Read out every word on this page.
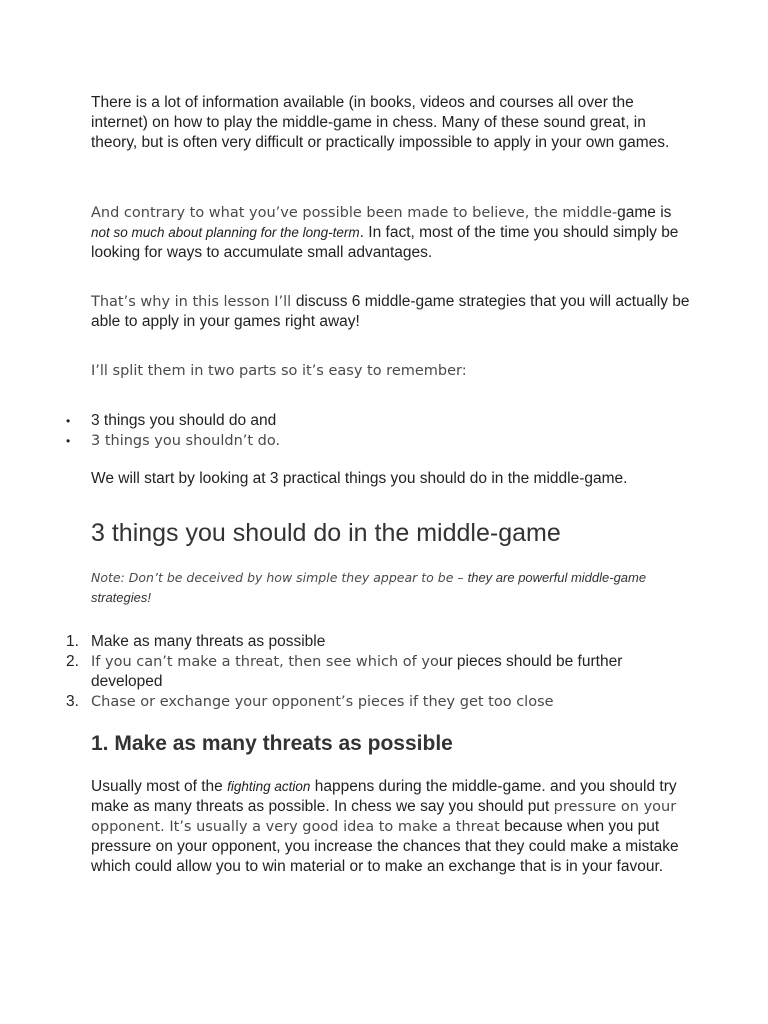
There is a lot of information available (in books, videos and courses all over the internet) on how to play the middle-game in chess. Many of these sound great, in theory, but is often very difficult or practically impossible to apply in your own games.

And contrary to what you’ve possible been made to believe, the middle-game is not so much about planning for the long-term. In fact, most of the time you should simply be looking for ways to accumulate small advantages.

That’s why in this lesson I’ll discuss 6 middle-game strategies that you will actually be able to apply in your games right away!

I’ll split them in two parts so it’s easy to remember:

• 3 things you should do and
• 3 things you shouldn’t do.

We will start by looking at 3 practical things you should do in the middle-game.

3 things you should do in the middle-game

Note: Don’t be deceived by how simple they appear to be – they are powerful middle-game strategies!

1. Make as many threats as possible
2. If you can’t make a threat, then see which of your pieces should be further developed
3. Chase or exchange your opponent’s pieces if they get too close
1. Make as many threats as possible

Usually most of the fighting action happens during the middle-game. and you should try make as many threats as possible. In chess we say you should put pressure on your opponent. It’s usually a very good idea to make a threat because when you put pressure on your opponent, you increase the chances that they could make a mistake which could allow you to win material or to make an exchange that is in your favour.
